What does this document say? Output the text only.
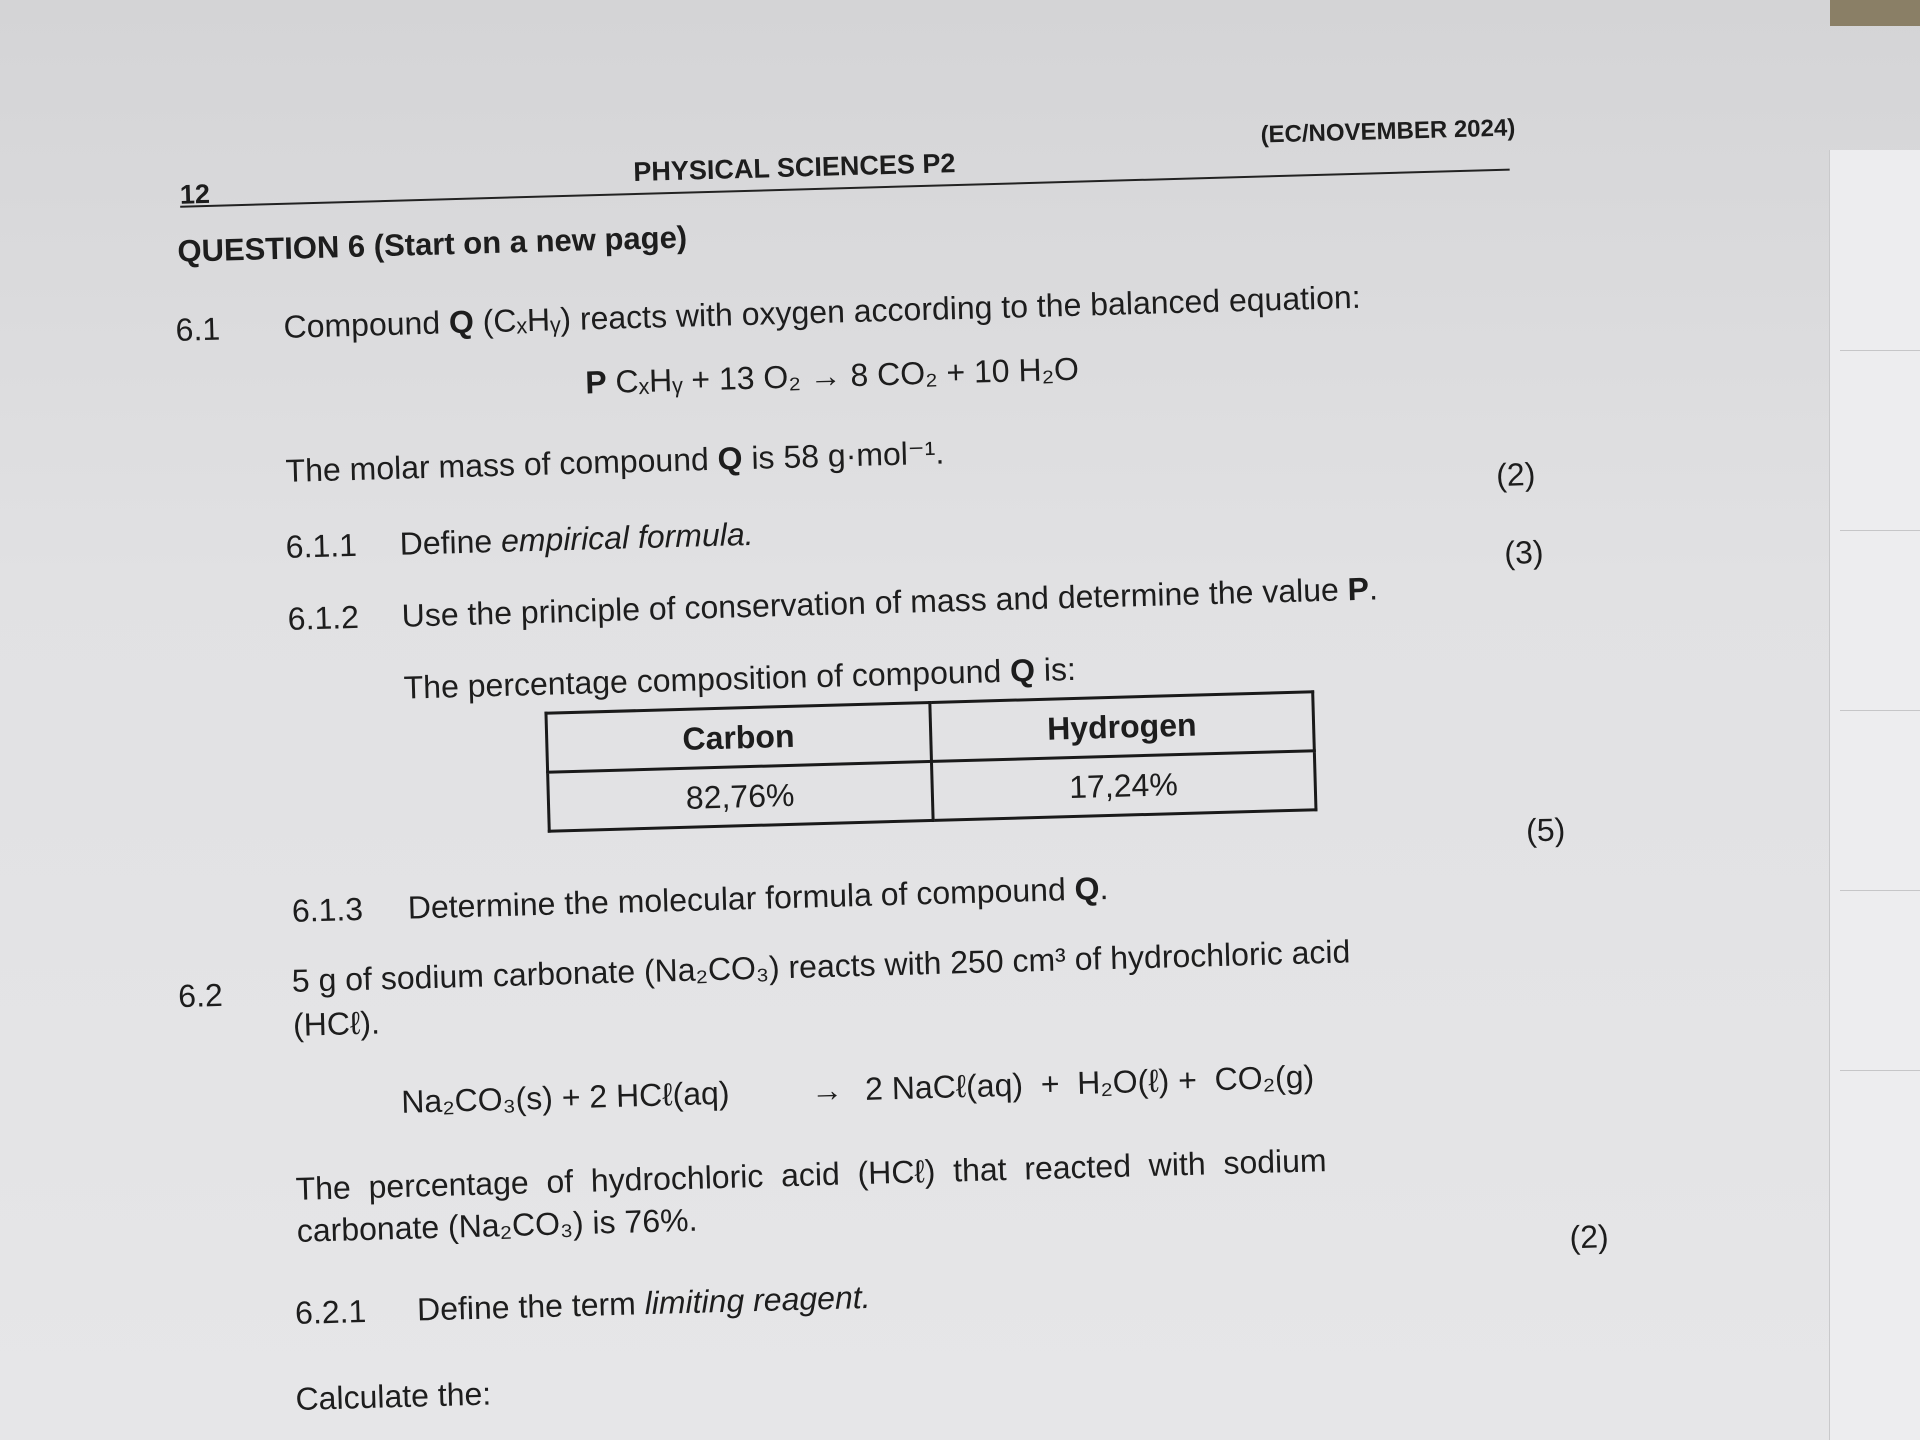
12
PHYSICAL SCIENCES P2
(EC/NOVEMBER 2024)
QUESTION 6 (Start on a new page)
6.1 Compound Q (CₓHᵧ) reacts with oxygen according to the balanced equation:
P CₓHᵧ + 13 O₂ → 8 CO₂ + 10 H₂O
The molar mass of compound Q is 58 g·mol⁻¹.
6.1.1 Define empirical formula.
(2)
6.1.2 Use the principle of conservation of mass and determine the value P.
(3)
The percentage composition of compound Q is:
Carbon	Hydrogen
82,76%	17,24%
6.1.3 Determine the molecular formula of compound Q.
(5)
6.2 5 g of sodium carbonate (Na₂CO₃) reacts with 250 cm³ of hydrochloric acid
(HCℓ).
Na₂CO₃(s) + 2 HCℓ(aq)	→ 2 NaCℓ(aq)  +  H₂O(ℓ) +  CO₂(g)
The  percentage  of  hydrochloric  acid  (HCℓ)  that  reacted  with  sodium
carbonate (Na₂CO₃) is 76%.
6.2.1 Define the term limiting reagent.
(2)
Calculate the:
